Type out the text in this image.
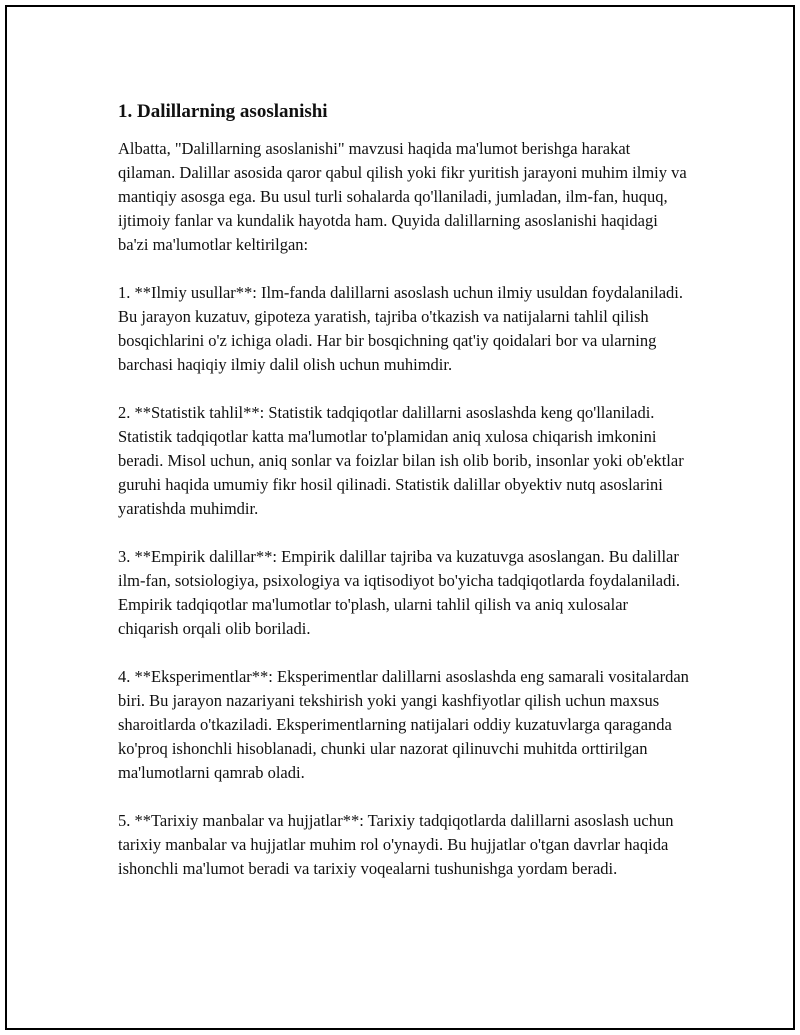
1. Dalillarning asoslanishi

Albatta, "Dalillarning asoslanishi" mavzusi haqida ma'lumot berishga harakat qilaman. Dalillar asosida qaror qabul qilish yoki fikr yuritish jarayoni muhim ilmiy va mantiqiy asosga ega. Bu usul turli sohalarda qo'llaniladi, jumladan, ilm-fan, huquq, ijtimoiy fanlar va kundalik hayotda ham. Quyida dalillarning asoslanishi haqidagi ba'zi ma'lumotlar keltirilgan:

1. **Ilmiy usullar**: Ilm-fanda dalillarni asoslash uchun ilmiy usuldan foydalaniladi. Bu jarayon kuzatuv, gipoteza yaratish, tajriba o'tkazish va natijalarni tahlil qilish bosqichlarini o'z ichiga oladi. Har bir bosqichning qat'iy qoidalari bor va ularning barchasi haqiqiy ilmiy dalil olish uchun muhimdir.

2. **Statistik tahlil**: Statistik tadqiqotlar dalillarni asoslashda keng qo'llaniladi. Statistik tadqiqotlar katta ma'lumotlar to'plamidan aniq xulosa chiqarish imkonini beradi. Misol uchun, aniq sonlar va foizlar bilan ish olib borib, insonlar yoki ob'ektlar guruhi haqida umumiy fikr hosil qilinadi. Statistik dalillar obyektiv nutq asoslarini yaratishda muhimdir.

3. **Empirik dalillar**: Empirik dalillar tajriba va kuzatuvga asoslangan. Bu dalillar ilm-fan, sotsiologiya, psixologiya va iqtisodiyot bo'yicha tadqiqotlarda foydalaniladi. Empirik tadqiqotlar ma'lumotlar to'plash, ularni tahlil qilish va aniq xulosalar chiqarish orqali olib boriladi.

4. **Eksperimentlar**: Eksperimentlar dalillarni asoslashda eng samarali vositalardan biri. Bu jarayon nazariyani tekshirish yoki yangi kashfiyotlar qilish uchun maxsus sharoitlarda o'tkaziladi. Eksperimentlarning natijalari oddiy kuzatuvlarga qaraganda ko'proq ishonchli hisoblanadi, chunki ular nazorat qilinuvchi muhitda orttirilgan ma'lumotlarni qamrab oladi.

5. **Tarixiy manbalar va hujjatlar**: Tarixiy tadqiqotlarda dalillarni asoslash uchun tarixiy manbalar va hujjatlar muhim rol o'ynaydi. Bu hujjatlar o'tgan davrlar haqida ishonchli ma'lumot beradi va tarixiy voqealarni tushunishga yordam beradi.
